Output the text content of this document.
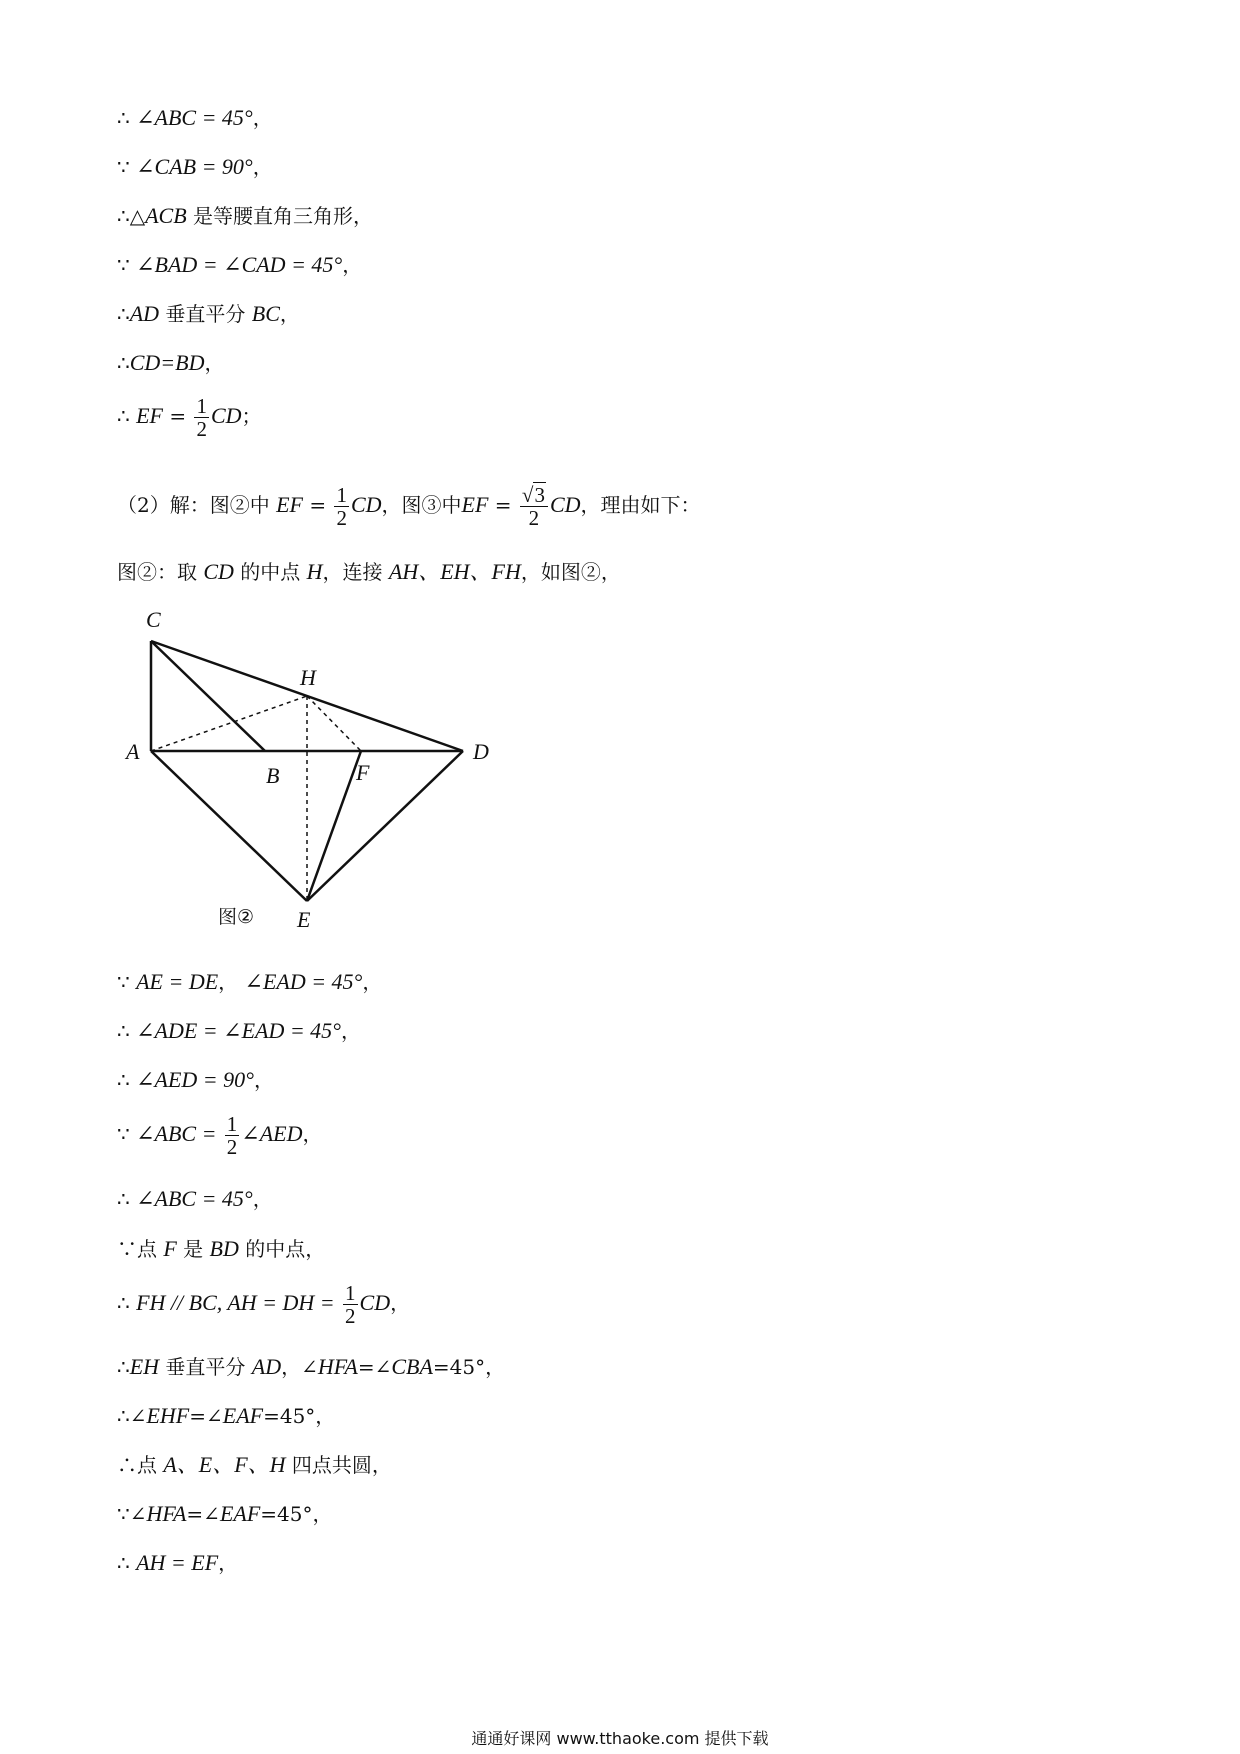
∴ ∠ABC = 45°，
∵ ∠CAB = 90°，
∴△ACB 是等腰直角三角形，
∵ ∠BAD = ∠CAD = 45°，
∴AD 垂直平分 BC，
∴CD=BD，
∴ EF = $\frac{1}{2}$ CD；
（2）解：图②中 EF = $\frac{1}{2}$ CD，图③中EF = $\frac{√3}{2}$ CD，理由如下：
图②：取 CD 的中点 H，连接 AH、EH、FH，如图②，
C
H
A
B	F
D
E
图②
∵ AE = DE， ∠EAD = 45°，
∴ ∠ADE = ∠EAD = 45°，
∴ ∠AED = 90°，
∵ ∠ABC = $\frac{1}{2}$ ∠AED，
∴ ∠ABC = 45°，
∵点 F 是 BD 的中点，
∴ FH // BC, AH = DH = $\frac{1}{2}$ CD，
∴EH 垂直平分 AD，∠HFA=∠CBA=45°，
∴∠EHF=∠EAF=45°，
∴点 A、E、F、H 四点共圆，
∵∠HFA=∠EAF=45°，
∴ AH = EF，
通通好课网 www.tthaoke.com 提供下载
